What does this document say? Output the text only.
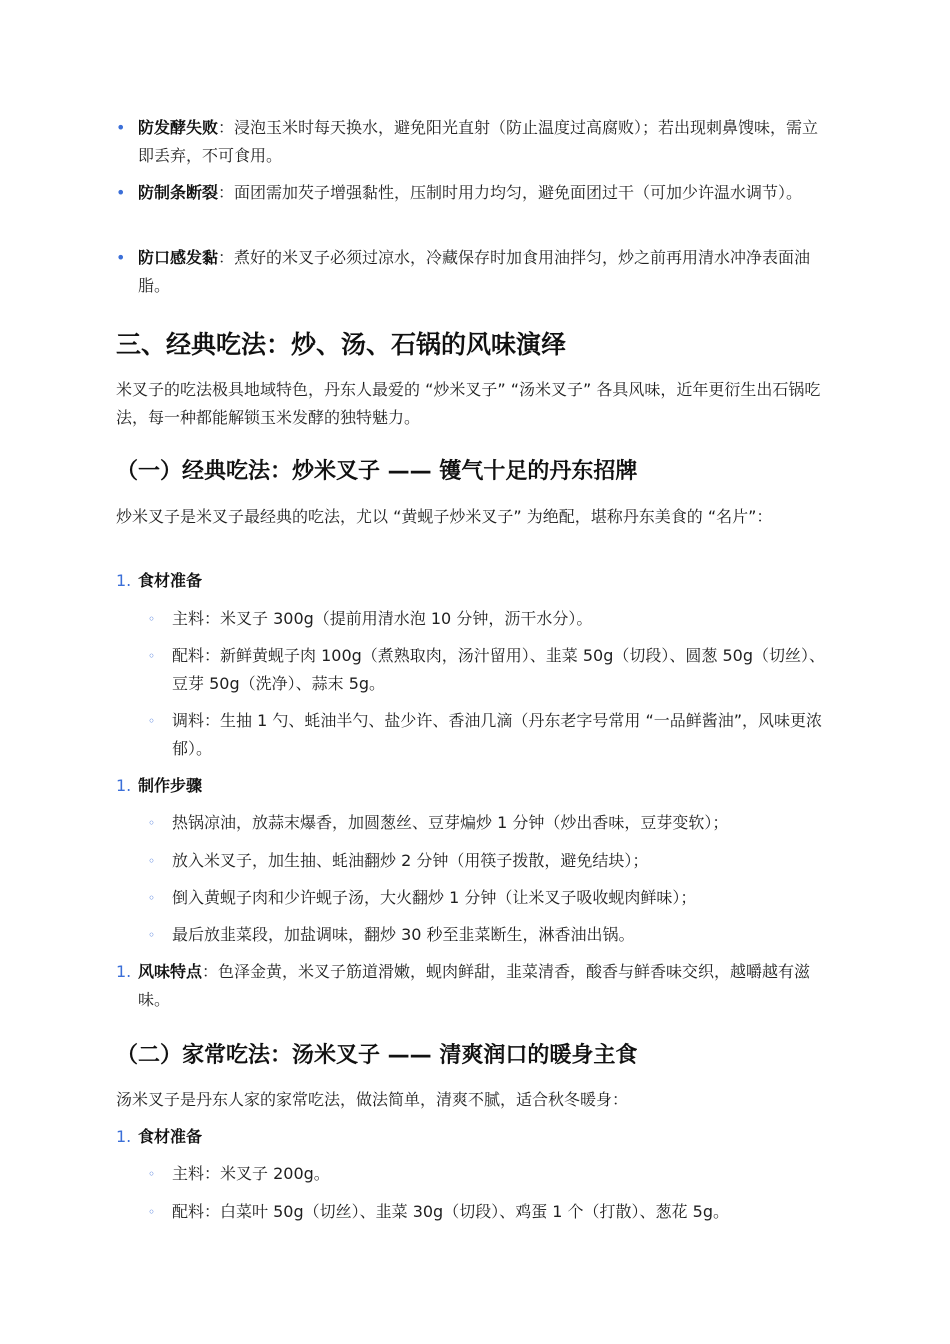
• 防发酵失败：浸泡玉米时每天换水，避免阳光直射（防止温度过高腐败）；若出现刺鼻馊味，需立即丢弃，不可食用。
• 防制条断裂：面团需加芡子增强黏性，压制时用力均匀，避免面团过干（可加少许温水调节）。
• 防口感发黏：煮好的米叉子必须过凉水，冷藏保存时加食用油拌匀，炒之前再用清水冲净表面油脂。
三、经典吃法：炒、汤、石锅的风味演绎

米叉子的吃法极具地域特色，丹东人最爱的 “炒米叉子” “汤米叉子” 各具风味，近年更衍生出石锅吃法，每一种都能解锁玉米发酵的独特魅力。

（一）经典吃法：炒米叉子 —— 镬气十足的丹东招牌

炒米叉子是米叉子最经典的吃法，尤以 “黄蚬子炒米叉子” 为绝配，堪称丹东美食的 “名片”：

1. 食材准备
◦ 主料：米叉子 300g（提前用清水泡 10 分钟，沥干水分）。
◦ 配料：新鲜黄蚬子肉 100g（煮熟取肉，汤汁留用）、韭菜 50g（切段）、圆葱 50g（切丝）、豆芽 50g（洗净）、蒜末 5g。
◦ 调料：生抽 1 勺、蚝油半勺、盐少许、香油几滴（丹东老字号常用 “一品鲜酱油”，风味更浓郁）。
1. 制作步骤
◦ 热锅凉油，放蒜末爆香，加圆葱丝、豆芽煸炒 1 分钟（炒出香味，豆芽变软）；
◦ 放入米叉子，加生抽、蚝油翻炒 2 分钟（用筷子拨散，避免结块）；
◦ 倒入黄蚬子肉和少许蚬子汤，大火翻炒 1 分钟（让米叉子吸收蚬肉鲜味）；
◦ 最后放韭菜段，加盐调味，翻炒 30 秒至韭菜断生，淋香油出锅。
1. 风味特点：色泽金黄，米叉子筋道滑嫩，蚬肉鲜甜，韭菜清香，酸香与鲜香味交织，越嚼越有滋味。
（二）家常吃法：汤米叉子 —— 清爽润口的暖身主食

汤米叉子是丹东人家的家常吃法，做法简单，清爽不腻，适合秋冬暖身：

1. 食材准备
◦ 主料：米叉子 200g。
◦ 配料：白菜叶 50g（切丝）、韭菜 30g（切段）、鸡蛋 1 个（打散）、葱花 5g。
